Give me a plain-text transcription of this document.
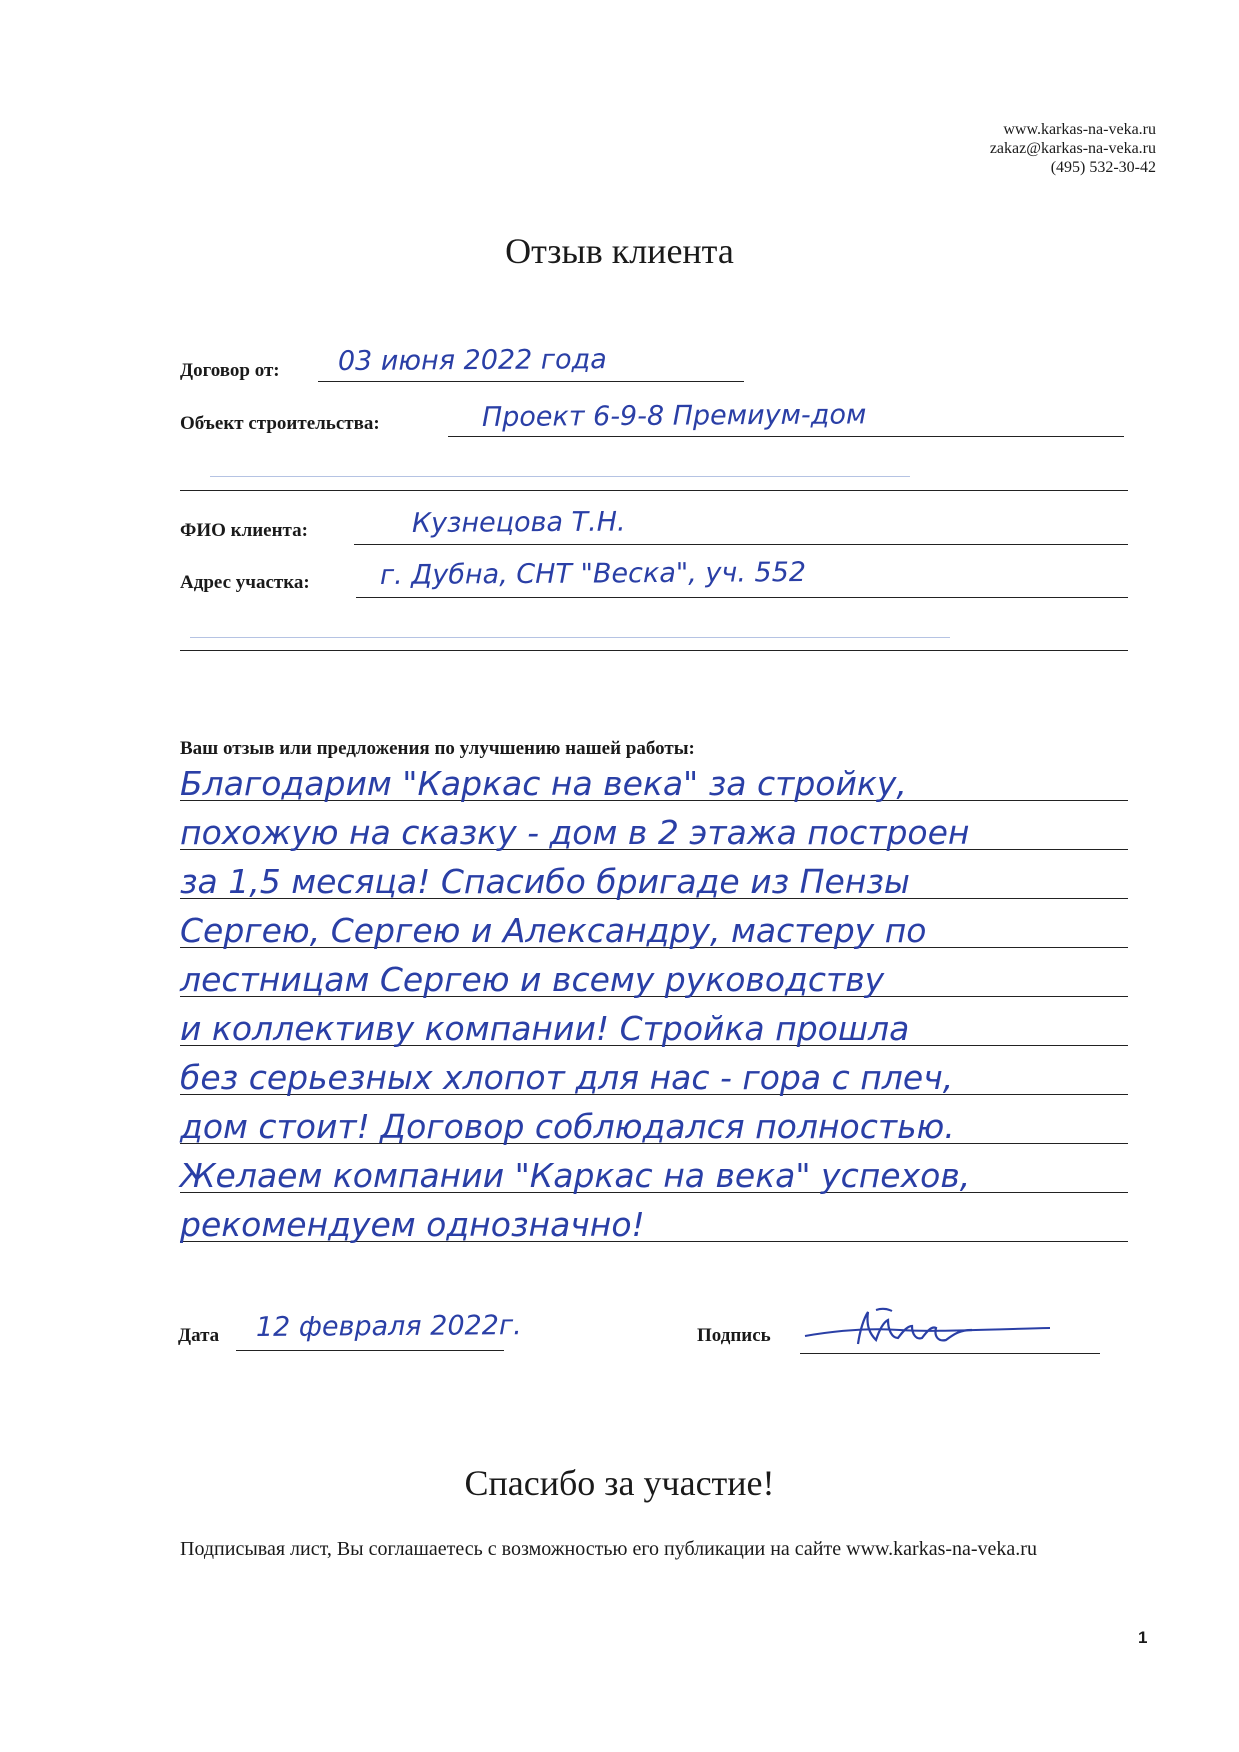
www.karkas-na-veka.ru
zakaz@karkas-na-veka.ru
(495) 532-30-42
Отзыв клиента
Договор от: 03 июня 2022 года
Объект строительства:	Проект 6-9-8 Премиум-дом
ФИО клиента:	Кузнецова Т.Н.
Адрес участка:	г. Дубна, СНТ "Веска", уч. 552
Ваш отзыв или предложения по улучшению нашей работы:
Благодарим "Каркас на века" за стройку,
похожую на сказку - дом в 2 этажа построен
за 1,5 месяца! Спасибо бригаде из Пензы
Сергею, Сергею и Александру, мастеру по
лестницам Сергею и всему руководству
и коллективу компании! Стройка прошла
без серьезных хлопот для нас - гора с плеч,
дом стоит! Договор соблюдался полностью.
Желаем компании "Каркас на века" успехов,
рекомендуем однозначно!
Дата 12 февраля 2022г.	Подпись
Спасибо за участие!
Подписывая лист, Вы соглашаетесь с возможностью его публикации на сайте www.karkas-na-veka.ru
1
